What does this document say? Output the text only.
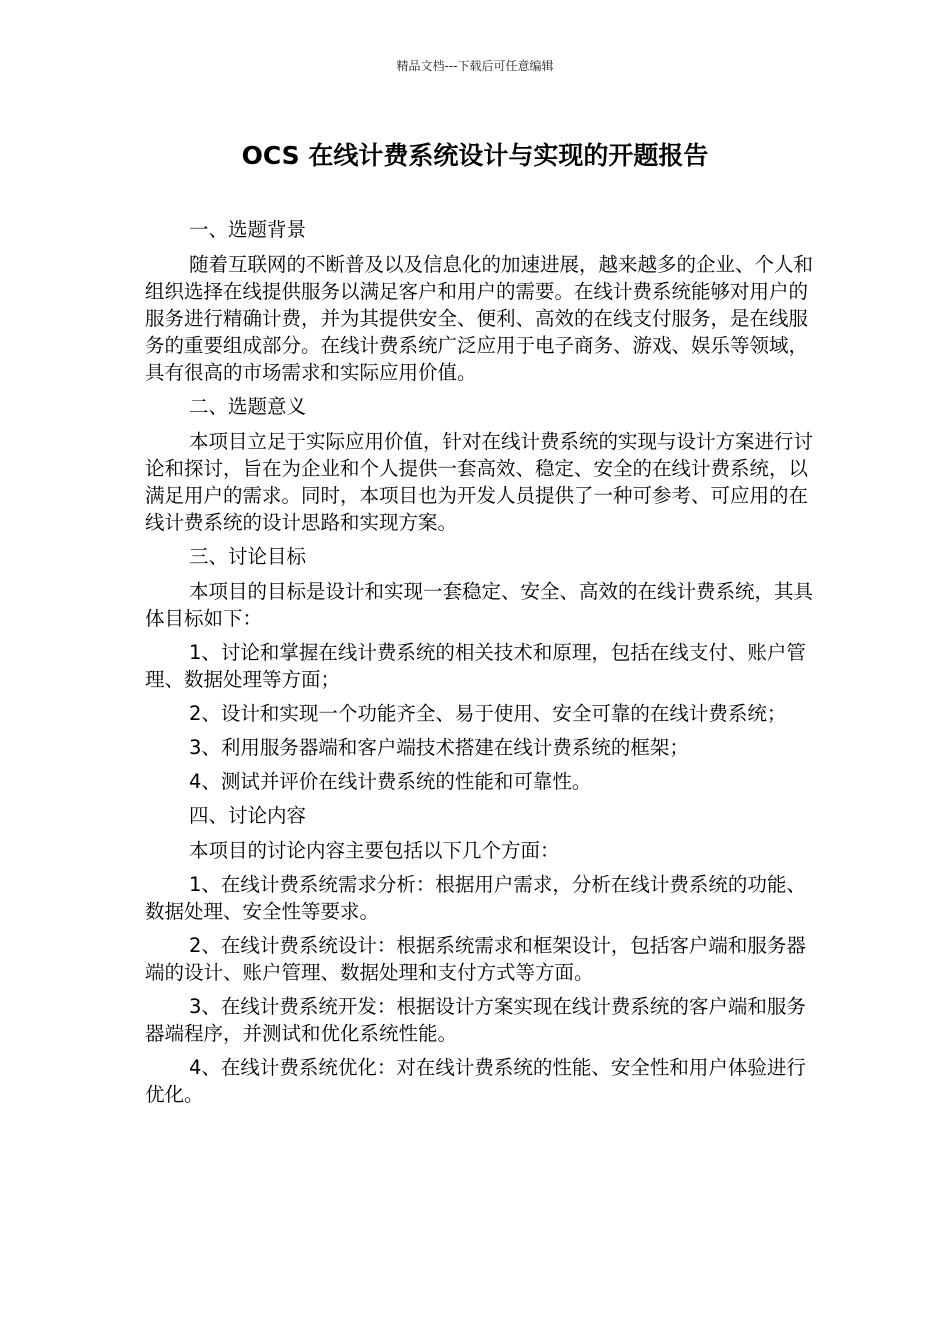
精品文档---下载后可任意编辑
OCS 在线计费系统设计与实现的开题报告

一、选题背景

随着互联网的不断普及以及信息化的加速进展，越来越多的企业、个人和组织选择在线提供服务以满足客户和用户的需要。在线计费系统能够对用户的服务进行精确计费，并为其提供安全、便利、高效的在线支付服务，是在线服务的重要组成部分。在线计费系统广泛应用于电子商务、游戏、娱乐等领域，具有很高的市场需求和实际应用价值。

二、选题意义

本项目立足于实际应用价值，针对在线计费系统的实现与设计方案进行讨论和探讨，旨在为企业和个人提供一套高效、稳定、安全的在线计费系统，以满足用户的需求。同时，本项目也为开发人员提供了一种可参考、可应用的在线计费系统的设计思路和实现方案。

三、讨论目标

本项目的目标是设计和实现一套稳定、安全、高效的在线计费系统，其具体目标如下：

1、讨论和掌握在线计费系统的相关技术和原理，包括在线支付、账户管理、数据处理等方面；

2、设计和实现一个功能齐全、易于使用、安全可靠的在线计费系统；

3、利用服务器端和客户端技术搭建在线计费系统的框架；

4、测试并评价在线计费系统的性能和可靠性。

四、讨论内容

本项目的讨论内容主要包括以下几个方面：

1、在线计费系统需求分析：根据用户需求，分析在线计费系统的功能、数据处理、安全性等要求。

2、在线计费系统设计：根据系统需求和框架设计，包括客户端和服务器端的设计、账户管理、数据处理和支付方式等方面。

3、在线计费系统开发：根据设计方案实现在线计费系统的客户端和服务器端程序，并测试和优化系统性能。

4、在线计费系统优化：对在线计费系统的性能、安全性和用户体验进行优化。
